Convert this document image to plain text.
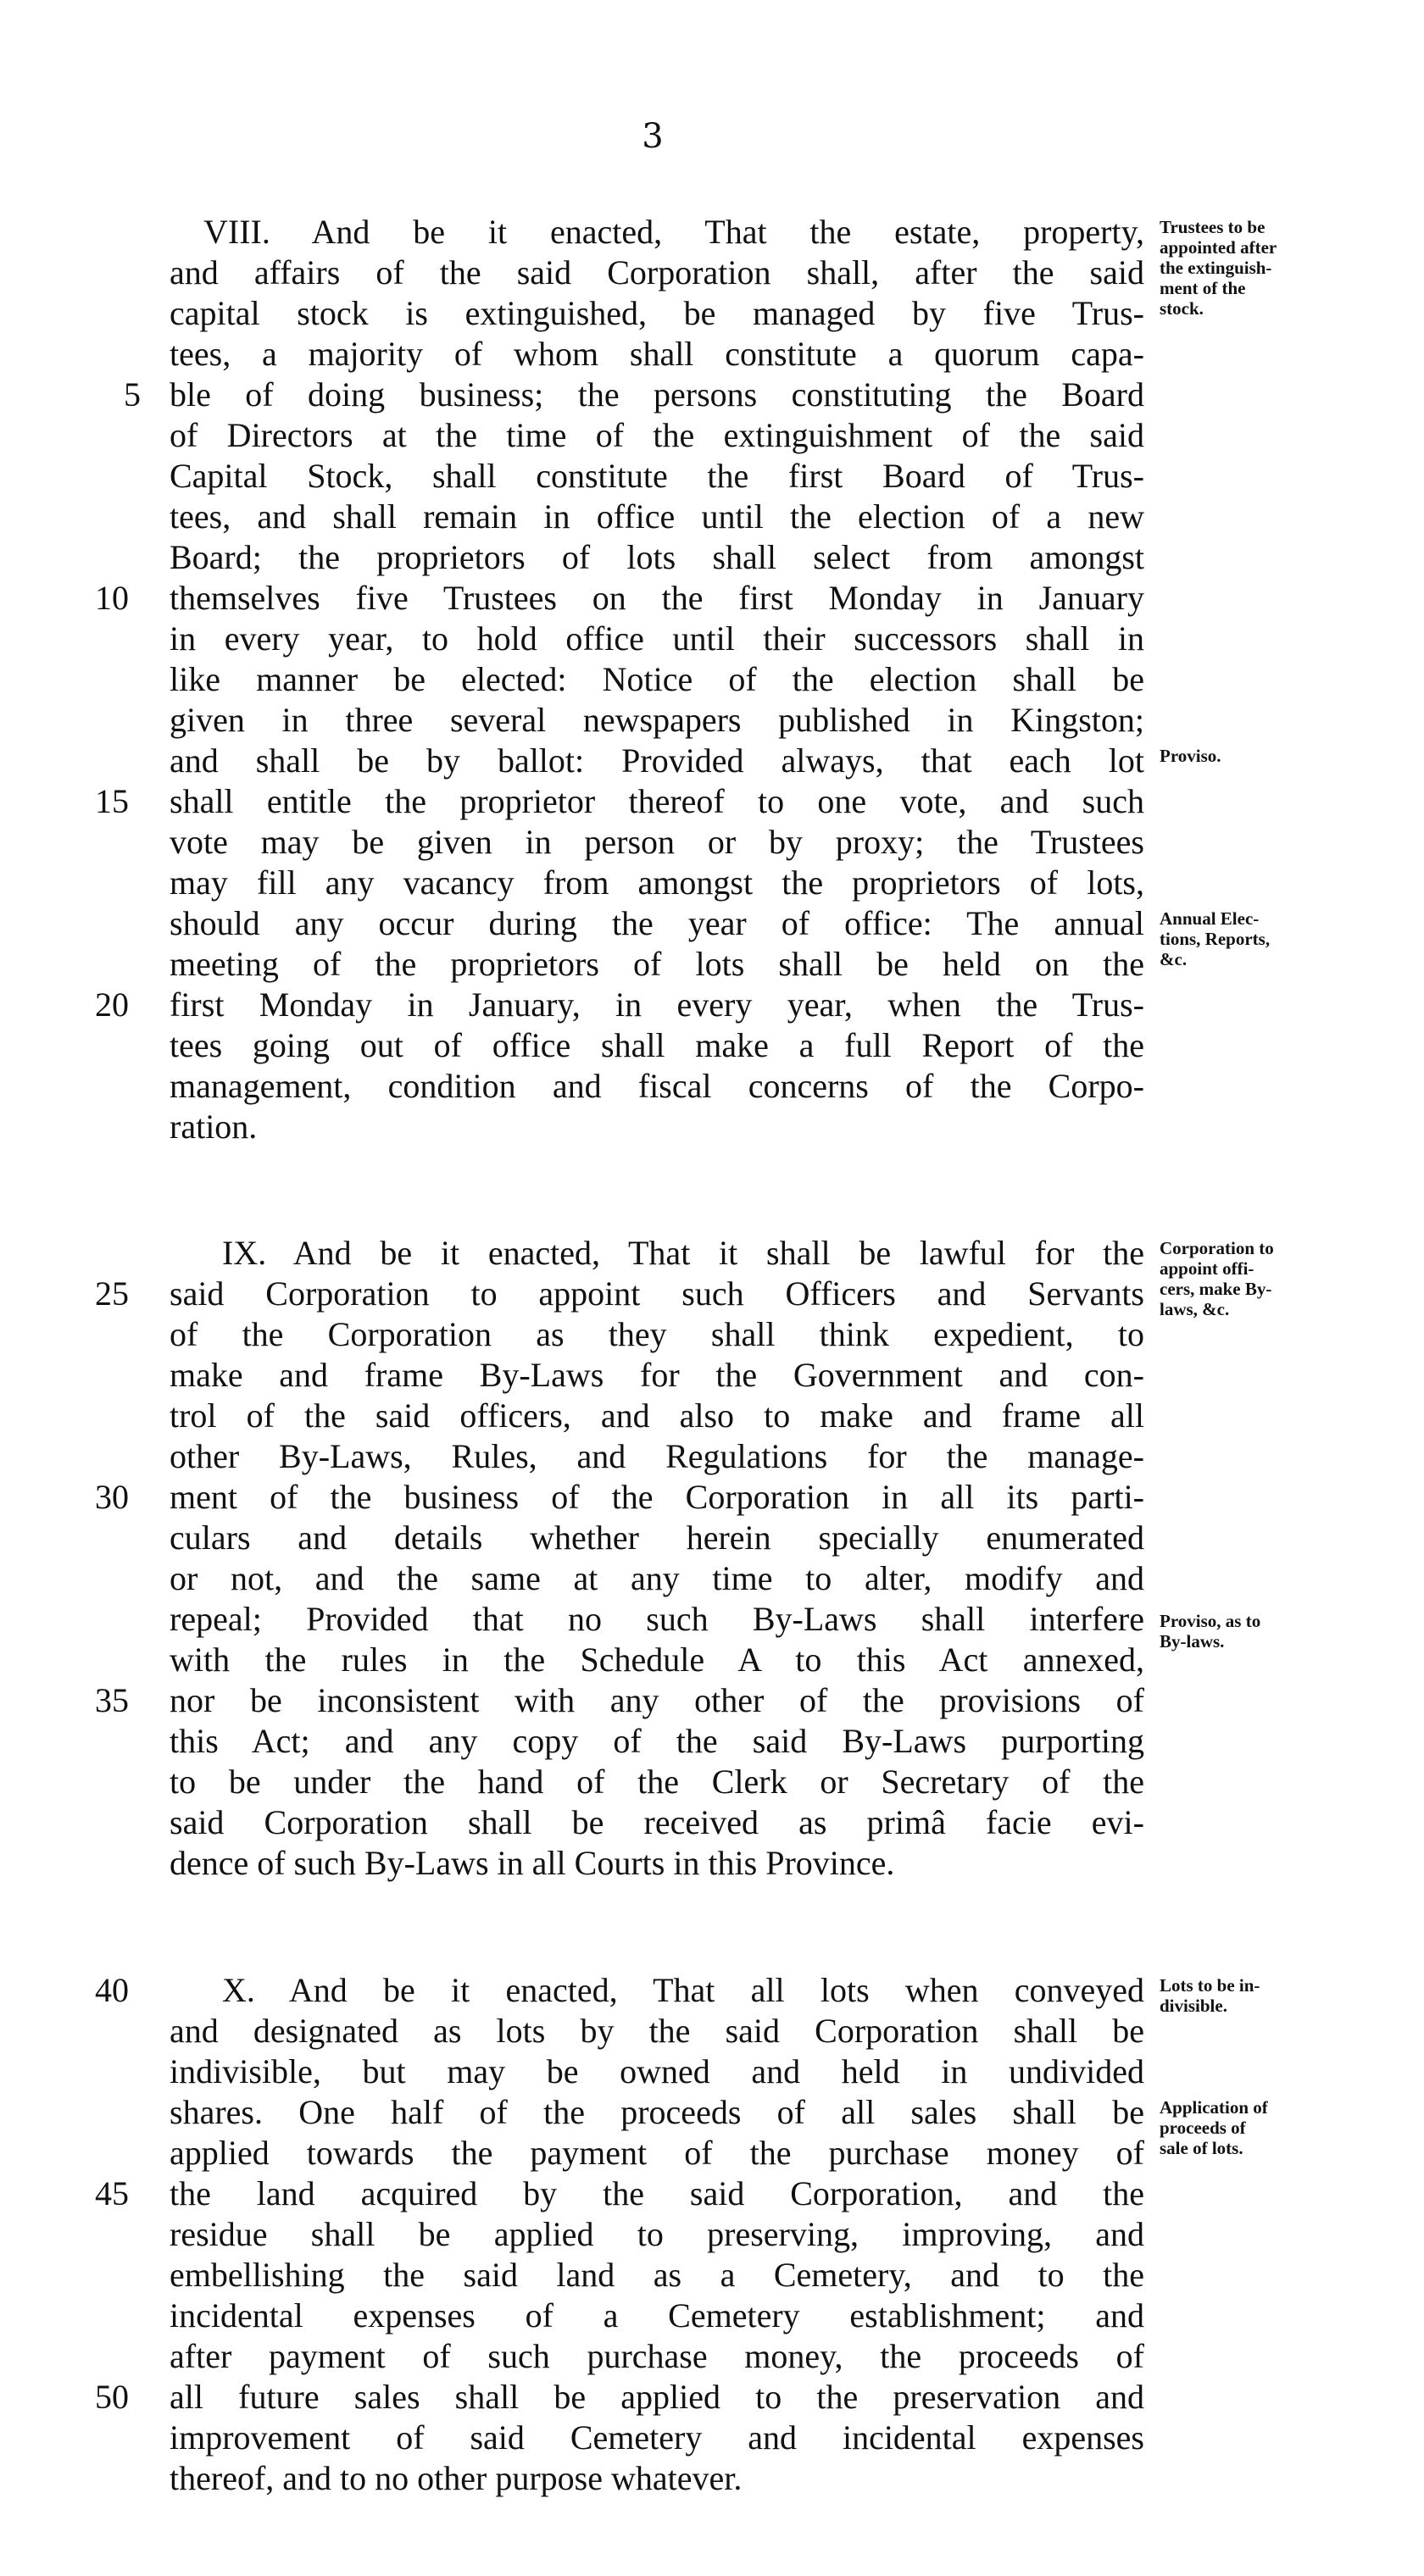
3
VIII. And be it enacted, That the estate, property,
and affairs of the said Corporation shall, after the said
capital stock is extinguished, be managed by five Trus-
tees, a majority of whom shall constitute a quorum capa-
ble of doing business; the persons constituting the Board
of Directors at the time of the extinguishment of the said
Capital Stock, shall constitute the first Board of Trus-
tees, and shall remain in office until the election of a new
Board; the proprietors of lots shall select from amongst
themselves five Trustees on the first Monday in January
in every year, to hold office until their successors shall in
like manner be elected: Notice of the election shall be
given in three several newspapers published in Kingston;
and shall be by ballot: Provided always, that each lot
shall entitle the proprietor thereof to one vote, and such
vote may be given in person or by proxy; the Trustees
may fill any vacancy from amongst the proprietors of lots,
should any occur during the year of office: The annual
meeting of the proprietors of lots shall be held on the
first Monday in January, in every year, when the Trus-
tees going out of office shall make a full Report of the
management, condition and fiscal concerns of the Corpo-
ration.
5
10
15
20
Trustees to be
appointed after
the extinguish-
ment of the
stock.
Proviso.
Annual Elec-
tions, Reports,
&c.
IX. And be it enacted, That it shall be lawful for the
said Corporation to appoint such Officers and Servants
of the Corporation as they shall think expedient, to
make and frame By-Laws for the Government and con-
trol of the said officers, and also to make and frame all
other By-Laws, Rules, and Regulations for the manage-
ment of the business of the Corporation in all its parti-
culars and details whether herein specially enumerated
or not, and the same at any time to alter, modify and
repeal; Provided that no such By-Laws shall interfere
with the rules in the Schedule A to this Act annexed,
nor be inconsistent with any other of the provisions of
this Act; and any copy of the said By-Laws purporting
to be under the hand of the Clerk or Secretary of the
said Corporation shall be received as primâ facie evi-
dence of such By-Laws in all Courts in this Province.
25
30
35
Corporation to
appoint offi-
cers, make By-
laws, &c.
Proviso, as to
By-laws.
X. And be it enacted, That all lots when conveyed
and designated as lots by the said Corporation shall be
indivisible, but may be owned and held in undivided
shares. One half of the proceeds of all sales shall be
applied towards the payment of the purchase money of
the land acquired by the said Corporation, and the
residue shall be applied to preserving, improving, and
embellishing the said land as a Cemetery, and to the
incidental expenses of a Cemetery establishment; and
after payment of such purchase money, the proceeds of
all future sales shall be applied to the preservation and
improvement of said Cemetery and incidental expenses
thereof, and to no other purpose whatever.
40
45
50
Lots to be in-
divisible.
Application of
proceeds of
sale of lots.
